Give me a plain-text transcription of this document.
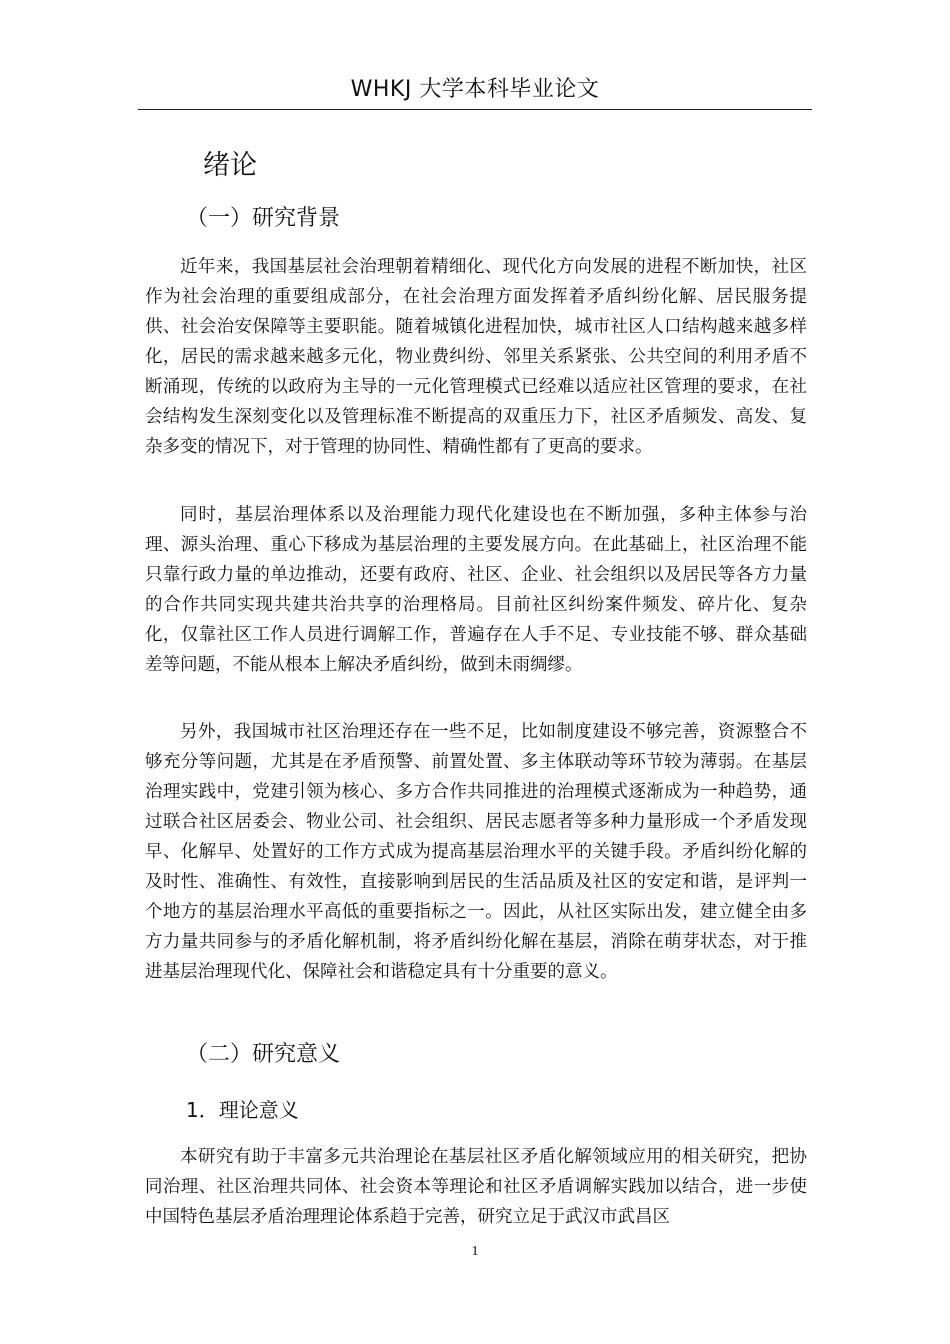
WHKJ 大学本科毕业论文
绪论
（一）研究背景

近年来，我国基层社会治理朝着精细化、现代化方向发展的进程不断加快，社区作为社会治理的重要组成部分，在社会治理方面发挥着矛盾纠纷化解、居民服务提供、社会治安保障等主要职能。随着城镇化进程加快，城市社区人口结构越来越多样化，居民的需求越来越多元化，物业费纠纷、邻里关系紧张、公共空间的利用矛盾不断涌现，传统的以政府为主导的一元化管理模式已经难以适应社区管理的要求，在社会结构发生深刻变化以及管理标准不断提高的双重压力下，社区矛盾频发、高发、复杂多变的情况下，对于管理的协同性、精确性都有了更高的要求。

同时，基层治理体系以及治理能力现代化建设也在不断加强，多种主体参与治理、源头治理、重心下移成为基层治理的主要发展方向。在此基础上，社区治理不能只靠行政力量的单边推动，还要有政府、社区、企业、社会组织以及居民等各方力量的合作共同实现共建共治共享的治理格局。目前社区纠纷案件频发、碎片化、复杂化，仅靠社区工作人员进行调解工作，普遍存在人手不足、专业技能不够、群众基础差等问题，不能从根本上解决矛盾纠纷，做到未雨绸缪。

另外，我国城市社区治理还存在一些不足，比如制度建设不够完善，资源整合不够充分等问题，尤其是在矛盾预警、前置处置、多主体联动等环节较为薄弱。在基层治理实践中，党建引领为核心、多方合作共同推进的治理模式逐渐成为一种趋势，通过联合社区居委会、物业公司、社会组织、居民志愿者等多种力量形成一个矛盾发现早、化解早、处置好的工作方式成为提高基层治理水平的关键手段。矛盾纠纷化解的及时性、准确性、有效性，直接影响到居民的生活品质及社区的安定和谐，是评判一个地方的基层治理水平高低的重要指标之一。因此，从社区实际出发，建立健全由多方力量共同参与的矛盾化解机制，将矛盾纠纷化解在基层，消除在萌芽状态，对于推进基层治理现代化、保障社会和谐稳定具有十分重要的意义。

（二）研究意义
1．理论意义

本研究有助于丰富多元共治理论在基层社区矛盾化解领域应用的相关研究，把协同治理、社区治理共同体、社会资本等理论和社区矛盾调解实践加以结合，进一步使中国特色基层矛盾治理理论体系趋于完善，研究立足于武汉市武昌区

1
